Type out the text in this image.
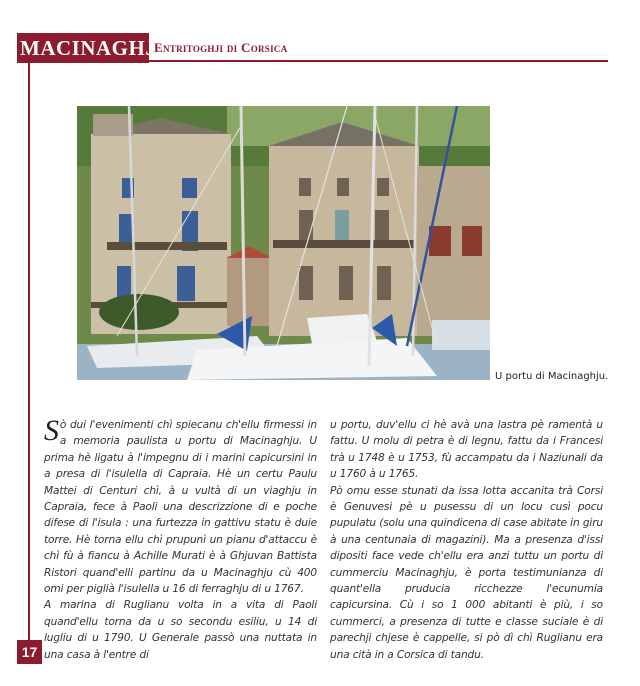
MACINAGHJU
Entritoghji di Corsica
U portu di Macinaghju.

Sò dui l'evenimenti chì spiecanu ch'ellu firmessi in a memoria paulista u portu di Macinaghju. U prima hè ligatu à l'impegnu di i marini capicursini in a presa di l'isulella di Capraia. Hè un certu Paulu Mattei di Centuri chì, à u vultà di un viaghju in Capraia, fece à Paoli una descrizzione di e poche difese di l'isula : una furtezza in gattivu statu è duie torre. Hè torna ellu chì prupunì un pianu d'attaccu è chì fù à fiancu à Achille Murati è à Ghjuvan Battista Ristori quand'elli partinu da u Macinaghju cù 400 omi per piglià l'isulella u 16 di ferraghju di u 1767.

A marina di Ruglianu volta in a vita di Paoli quand'ellu torna da u so secondu esiliu, u 14 di lugliu di u 1790. U Generale passò una nuttata in una casa à l'entre di

u portu, duv'ellu ci hè avà una lastra pè ramentà u fattu. U molu di petra è di legnu, fattu da i Francesi trà u 1748 è u 1753, fù accampatu da i Naziunali da u 1760 à u 1765.

Pò omu esse stunati da issa lotta accanita trà Corsi è Genuvesi pè u pusessu di un locu cusì pocu pupulatu (solu una quindicena di case abitate in giru à una centunaia di magazini). Ma a presenza d'issi dipositi face vede ch'ellu era anzi tuttu un portu di cummerciu Macinaghju, è porta testimunianza di quant'ella pruducia ricchezze l'ecunumia capicursina. Cù i so 1 000 abitanti è più, i so cummerci, a presenza di tutte e classe suciale è di parechji chjese è cappelle, si pò dì chì Ruglianu era una cità in a Corsica di tandu.

17
